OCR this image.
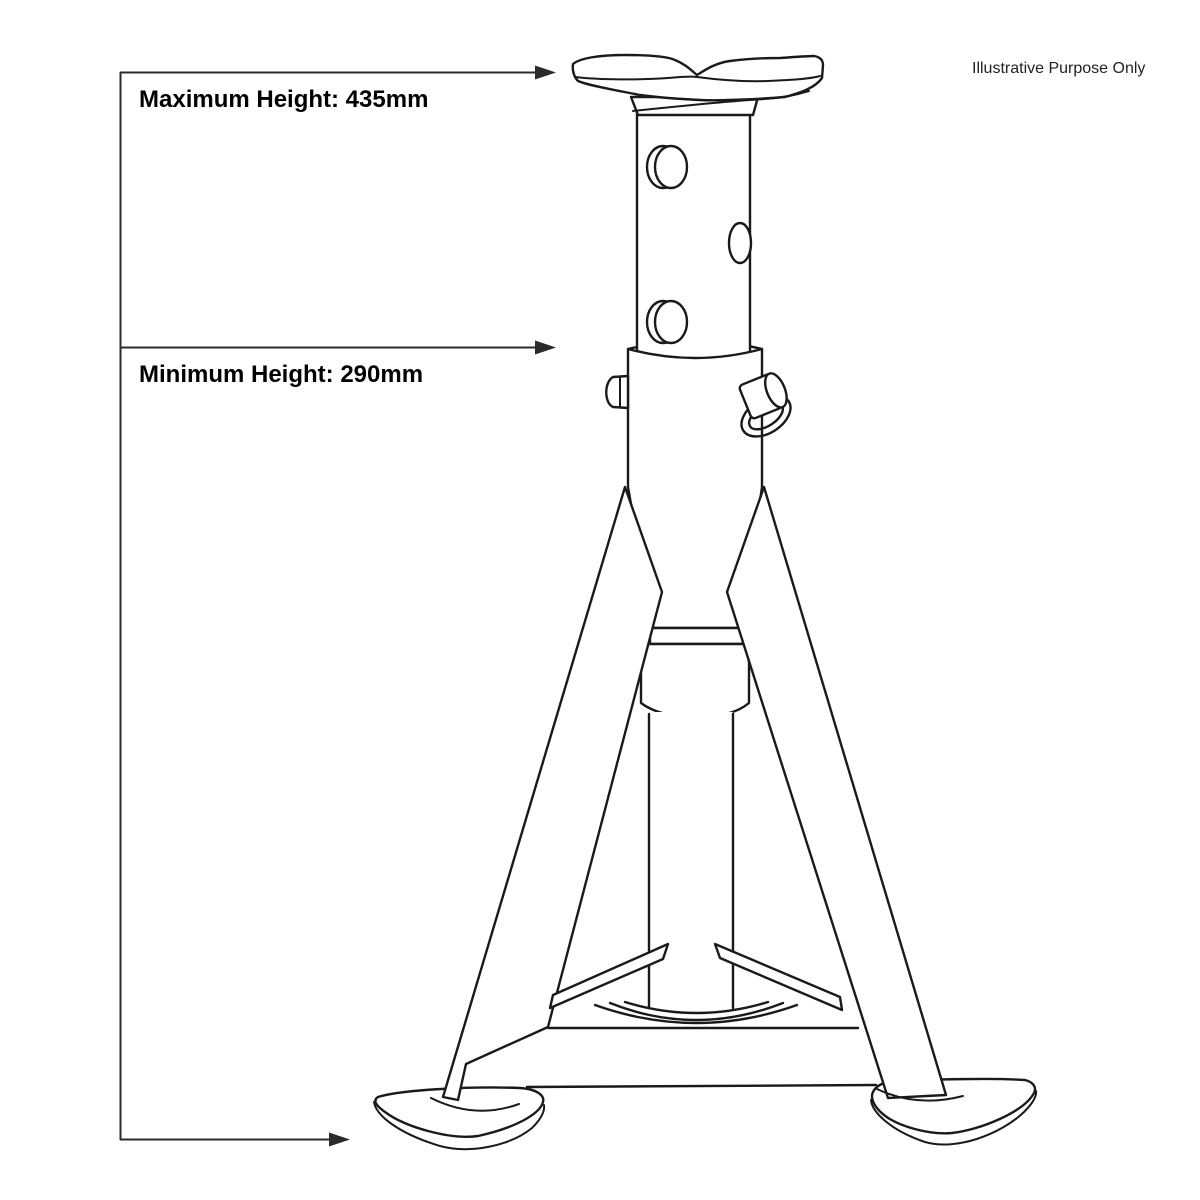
Maximum Height: 435mm
Minimum Height: 290mm
Illustrative Purpose Only
